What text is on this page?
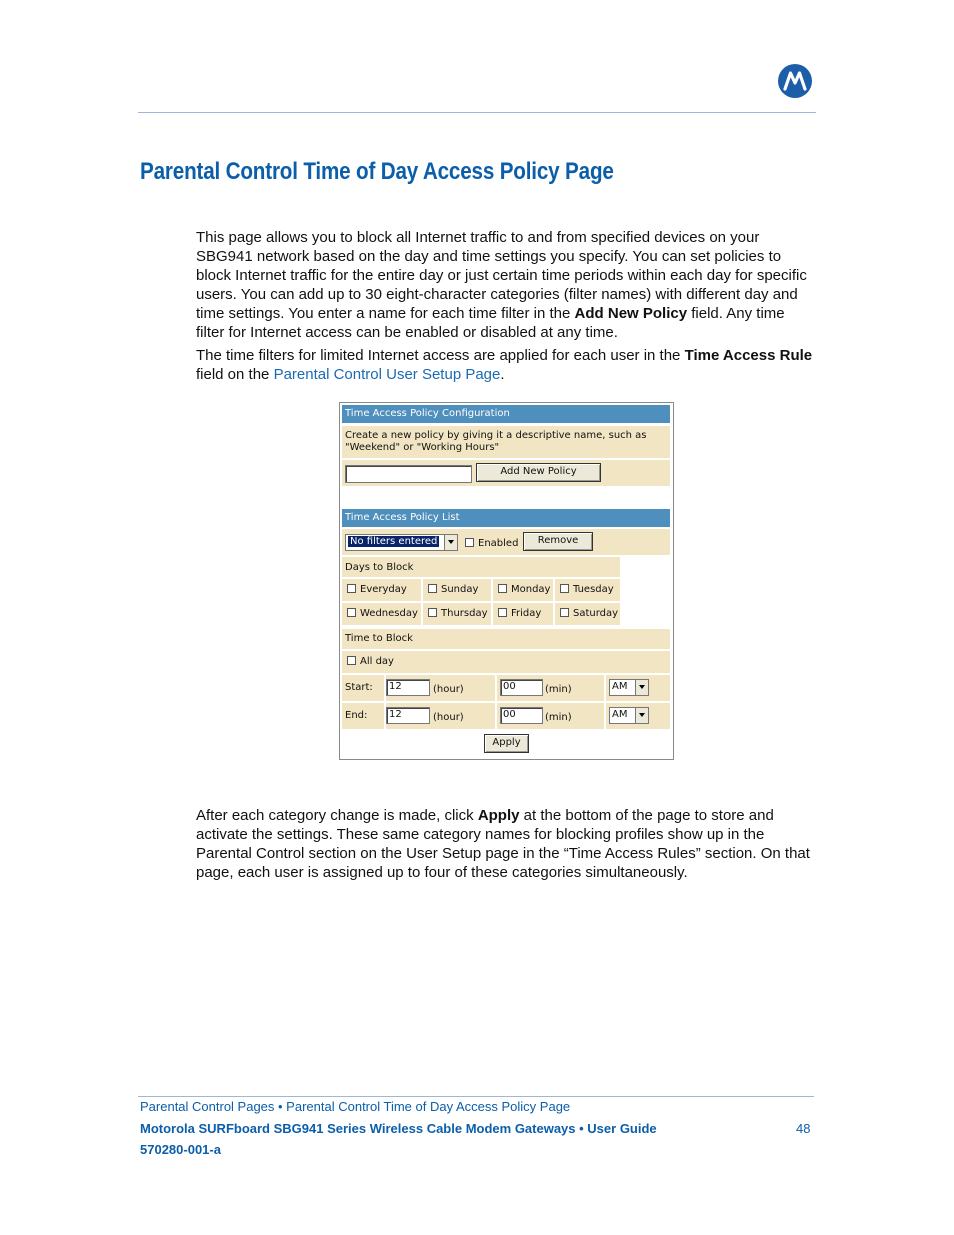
Parental Control Time of Day Access Policy Page
This page allows you to block all Internet traffic to and from specified devices on your SBG941 network based on the day and time settings you specify. You can set policies to block Internet traffic for the entire day or just certain time periods within each day for specific users. You can add up to 30 eight-character categories (filter names) with different day and time settings. You enter a name for each time filter in the Add New Policy field. Any time filter for Internet access can be enabled or disabled at any time.
The time filters for limited Internet access are applied for each user in the Time Access Rule field on the Parental Control User Setup Page.
Time Access Policy Configuration
Create a new policy by giving it a descriptive name, such as
"Weekend" or "Working Hours"
Add New Policy
Time Access Policy List
No filters entered	Enabled	Remove
Days to Block
Everyday	Sunday	Monday	Tuesday
Wednesday	Thursday	Friday	Saturday
Time to Block
All day
Start:	12	(hour)	00	(min)	AM
End:	12	(hour)	00	(min)	AM
Apply
After each category change is made, click Apply at the bottom of the page to store and activate the settings. These same category names for blocking profiles show up in the Parental Control section on the User Setup page in the “Time Access Rules” section. On that page, each user is assigned up to four of these categories simultaneously.
Parental Control Pages • Parental Control Time of Day Access Policy Page
Motorola SURFboard SBG941 Series Wireless Cable Modem Gateways • User Guide
570280-001-a
48
